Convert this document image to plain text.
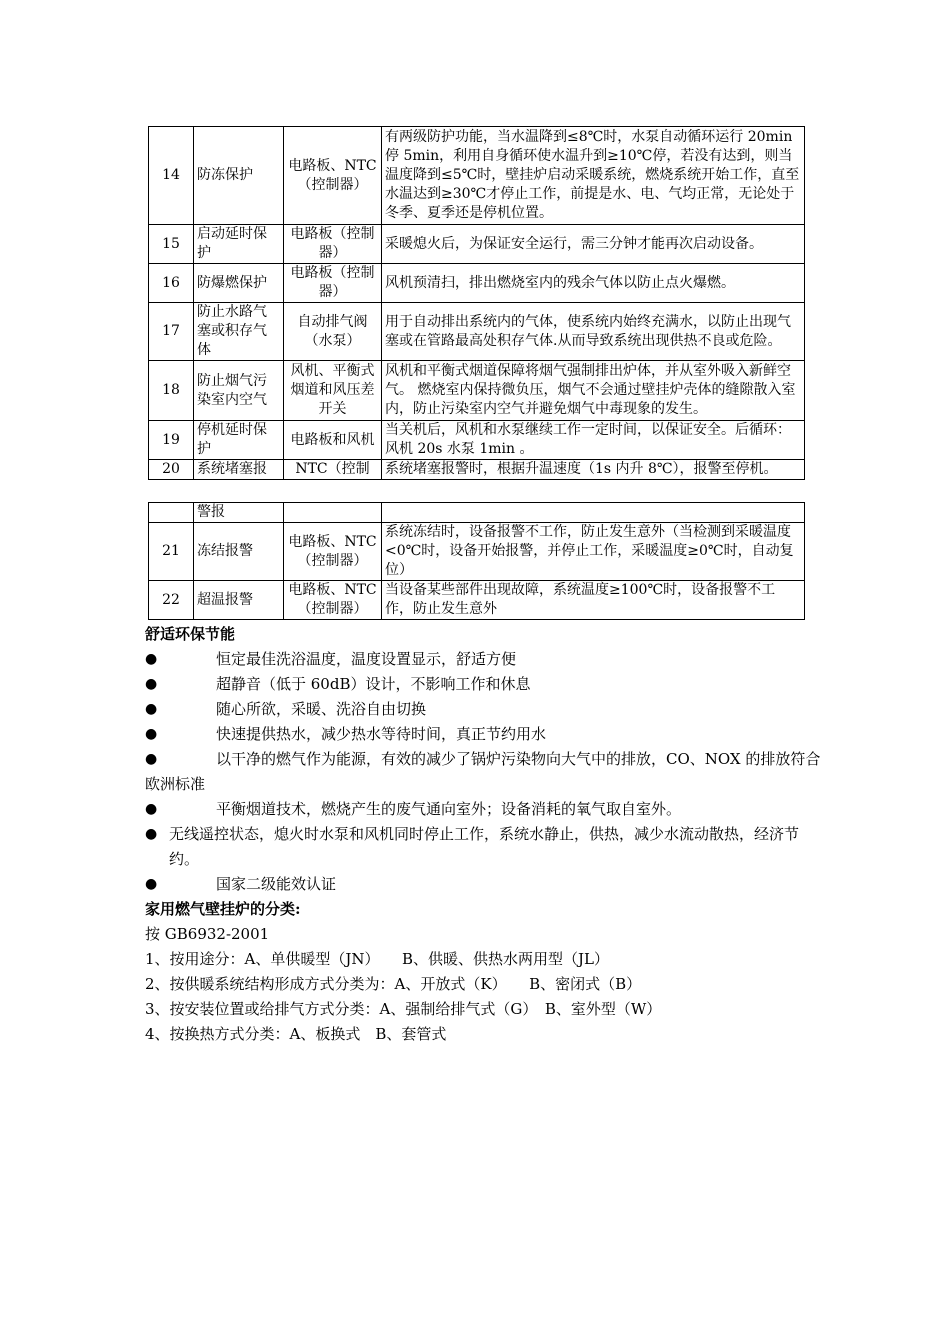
14	防冻保护	电路板、NTC（控制器）	有两级防护功能，当水温降到≤8℃时，水泵自动循环运行 20min停 5min，利用自身循环使水温升到≥10℃停，若没有达到，则当温度降到≤5℃时，壁挂炉启动采暖系统，燃烧系统开始工作，直至水温达到≥30℃才停止工作，前提是水、电、气均正常，无论处于冬季、夏季还是停机位置。
15	启动延时保护	电路板（控制器）	采暖熄火后，为保证安全运行，需三分钟才能再次启动设备。
16	防爆燃保护	电路板（控制器）	风机预清扫，排出燃烧室内的残余气体以防止点火爆燃。
17	防止水路气塞或积存气体	自动排气阀（水泵）	用于自动排出系统内的气体，使系统内始终充满水，以防止出现气塞或在管路最高处积存气体.从而导致系统出现供热不良或危险。
18	防止烟气污染室内空气	风机、平衡式烟道和风压差开关	风机和平衡式烟道保障将烟气强制排出炉体，并从室外吸入新鲜空气。 燃烧室内保持微负压，烟气不会通过壁挂炉壳体的缝隙散入室内，防止污染室内空气并避免烟气中毒现象的发生。
19	停机延时保护	电路板和风机	当关机后，风机和水泵继续工作一定时间，以保证安全。后循环：风机 20s 水泵 1min 。
20	系统堵塞报	NTC（控制	系统堵塞报警时，根据升温速度（1s 内升 8℃），报警至停机。
	警报		
21	冻结报警	电路板、NTC（控制器）	系统冻结时，设备报警不工作，防止发生意外（当检测到采暖温度<0℃时，设备开始报警，并停止工作，采暖温度≥0℃时，自动复位）
22	超温报警	电路板、NTC（控制器）	当设备某些部件出现故障，系统温度≥100℃时，设备报警不工作，防止发生意外
舒适环保节能
●	恒定最佳洗浴温度，温度设置显示，舒适方便
●	超静音（低于 60dB）设计，不影响工作和休息
●	随心所欲，采暖、洗浴自由切换
●	快速提供热水，减少热水等待时间，真正节约用水
●	以干净的燃气作为能源，有效的减少了锅炉污染物向大气中的排放，CO、NOX 的排放符合欧洲标准
●	平衡烟道技术，燃烧产生的废气通向室外；设备消耗的氧气取自室外。
● 无线遥控状态，熄火时水泵和风机同时停止工作，系统水静止，供热，减少水流动散热，经济节约。
●	国家二级能效认证
家用燃气壁挂炉的分类:
按 GB6932-2001
1、按用途分：A、单供暖型（JN）　　B、供暖、供热水两用型（JL）
2、按供暖系统结构形成方式分类为：A、开放式（K）　　B、密闭式（B）
3、按安装位置或给排气方式分类：A、强制给排气式（G）　B、室外型（W）
4、按换热方式分类：A、板换式　B、套管式
